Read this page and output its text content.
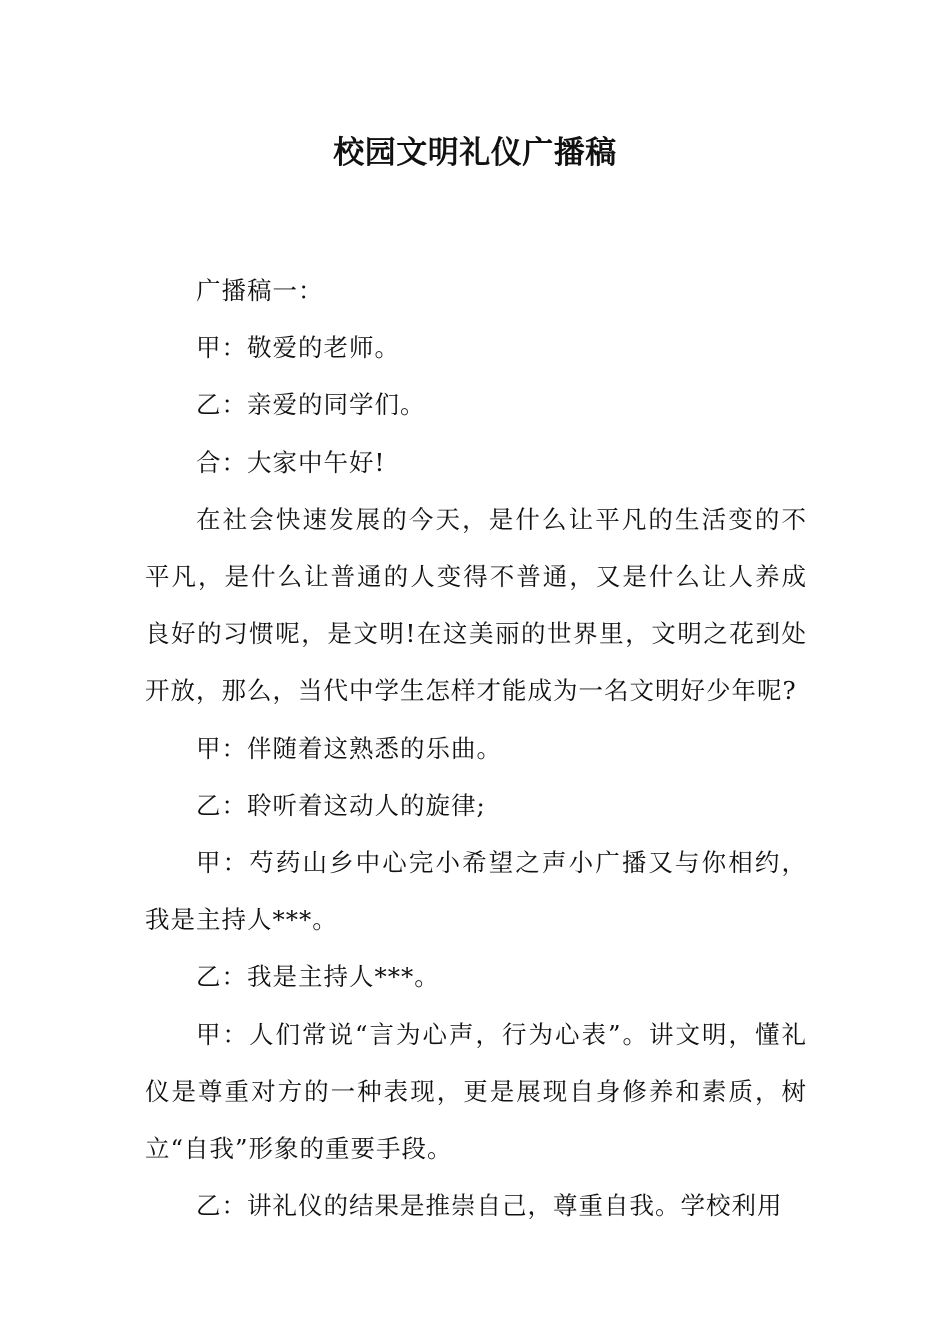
校园文明礼仪广播稿

广播稿一：

甲：敬爱的老师。

乙：亲爱的同学们。

合：大家中午好!

在社会快速发展的今天，是什么让平凡的生活变的不平凡，是什么让普通的人变得不普通，又是什么让人养成良好的习惯呢，是文明!在这美丽的世界里，文明之花到处开放，那么，当代中学生怎样才能成为一名文明好少年呢?

甲：伴随着这熟悉的乐曲。

乙：聆听着这动人的旋律;

甲：芍药山乡中心完小希望之声小广播又与你相约，我是主持人***。

乙：我是主持人***。

甲：人们常说“言为心声，行为心表”。讲文明，懂礼仪是尊重对方的一种表现，更是展现自身修养和素质，树立“自我”形象的重要手段。

乙：讲礼仪的结果是推崇自己，尊重自我。学校利用
